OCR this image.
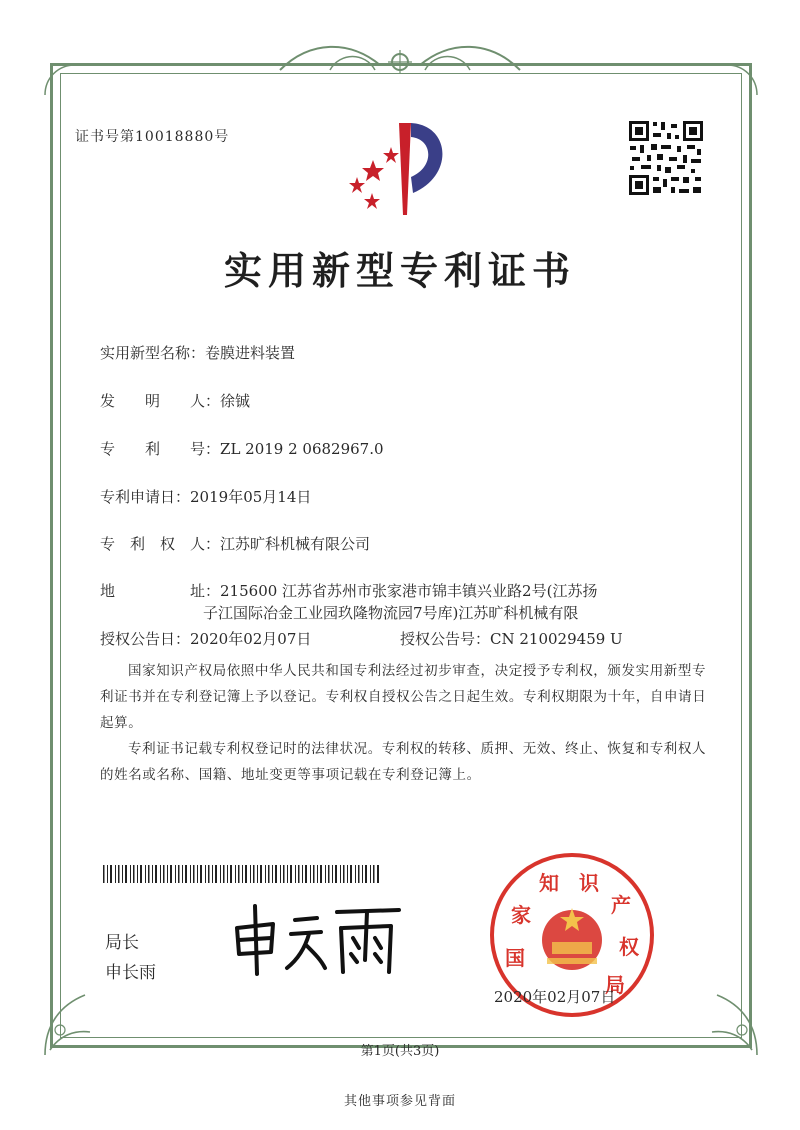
证书号第10018880号
实用新型专利证书
实用新型名称：卷膜进料装置
发　　明　　人：徐铖
专　　利　　号：ZL 2019 2 0682967.0
专利申请日：2019年05月14日
专　利　权　人：江苏旷科机械有限公司
地　　　　　址：215600 江苏省苏州市张家港市锦丰镇兴业路2号(江苏扬
子江国际冶金工业园玖隆物流园7号库)江苏旷科机械有限
授权公告日：2020年02月07日	授权公告号：CN 210029459 U
国家知识产权局依照中华人民共和国专利法经过初步审查，决定授予专利权，颁发实用新型专利证书并在专利登记簿上予以登记。专利权自授权公告之日起生效。专利权期限为十年，自申请日起算。
专利证书记载专利权登记时的法律状况。专利权的转移、质押、无效、终止、恢复和专利权人的姓名或名称、国籍、地址变更等事项记载在专利登记簿上。
局长
申长雨
国
家
知 识
产
权
局
2020年02月07日
第1页(共3页)
其他事项参见背面
